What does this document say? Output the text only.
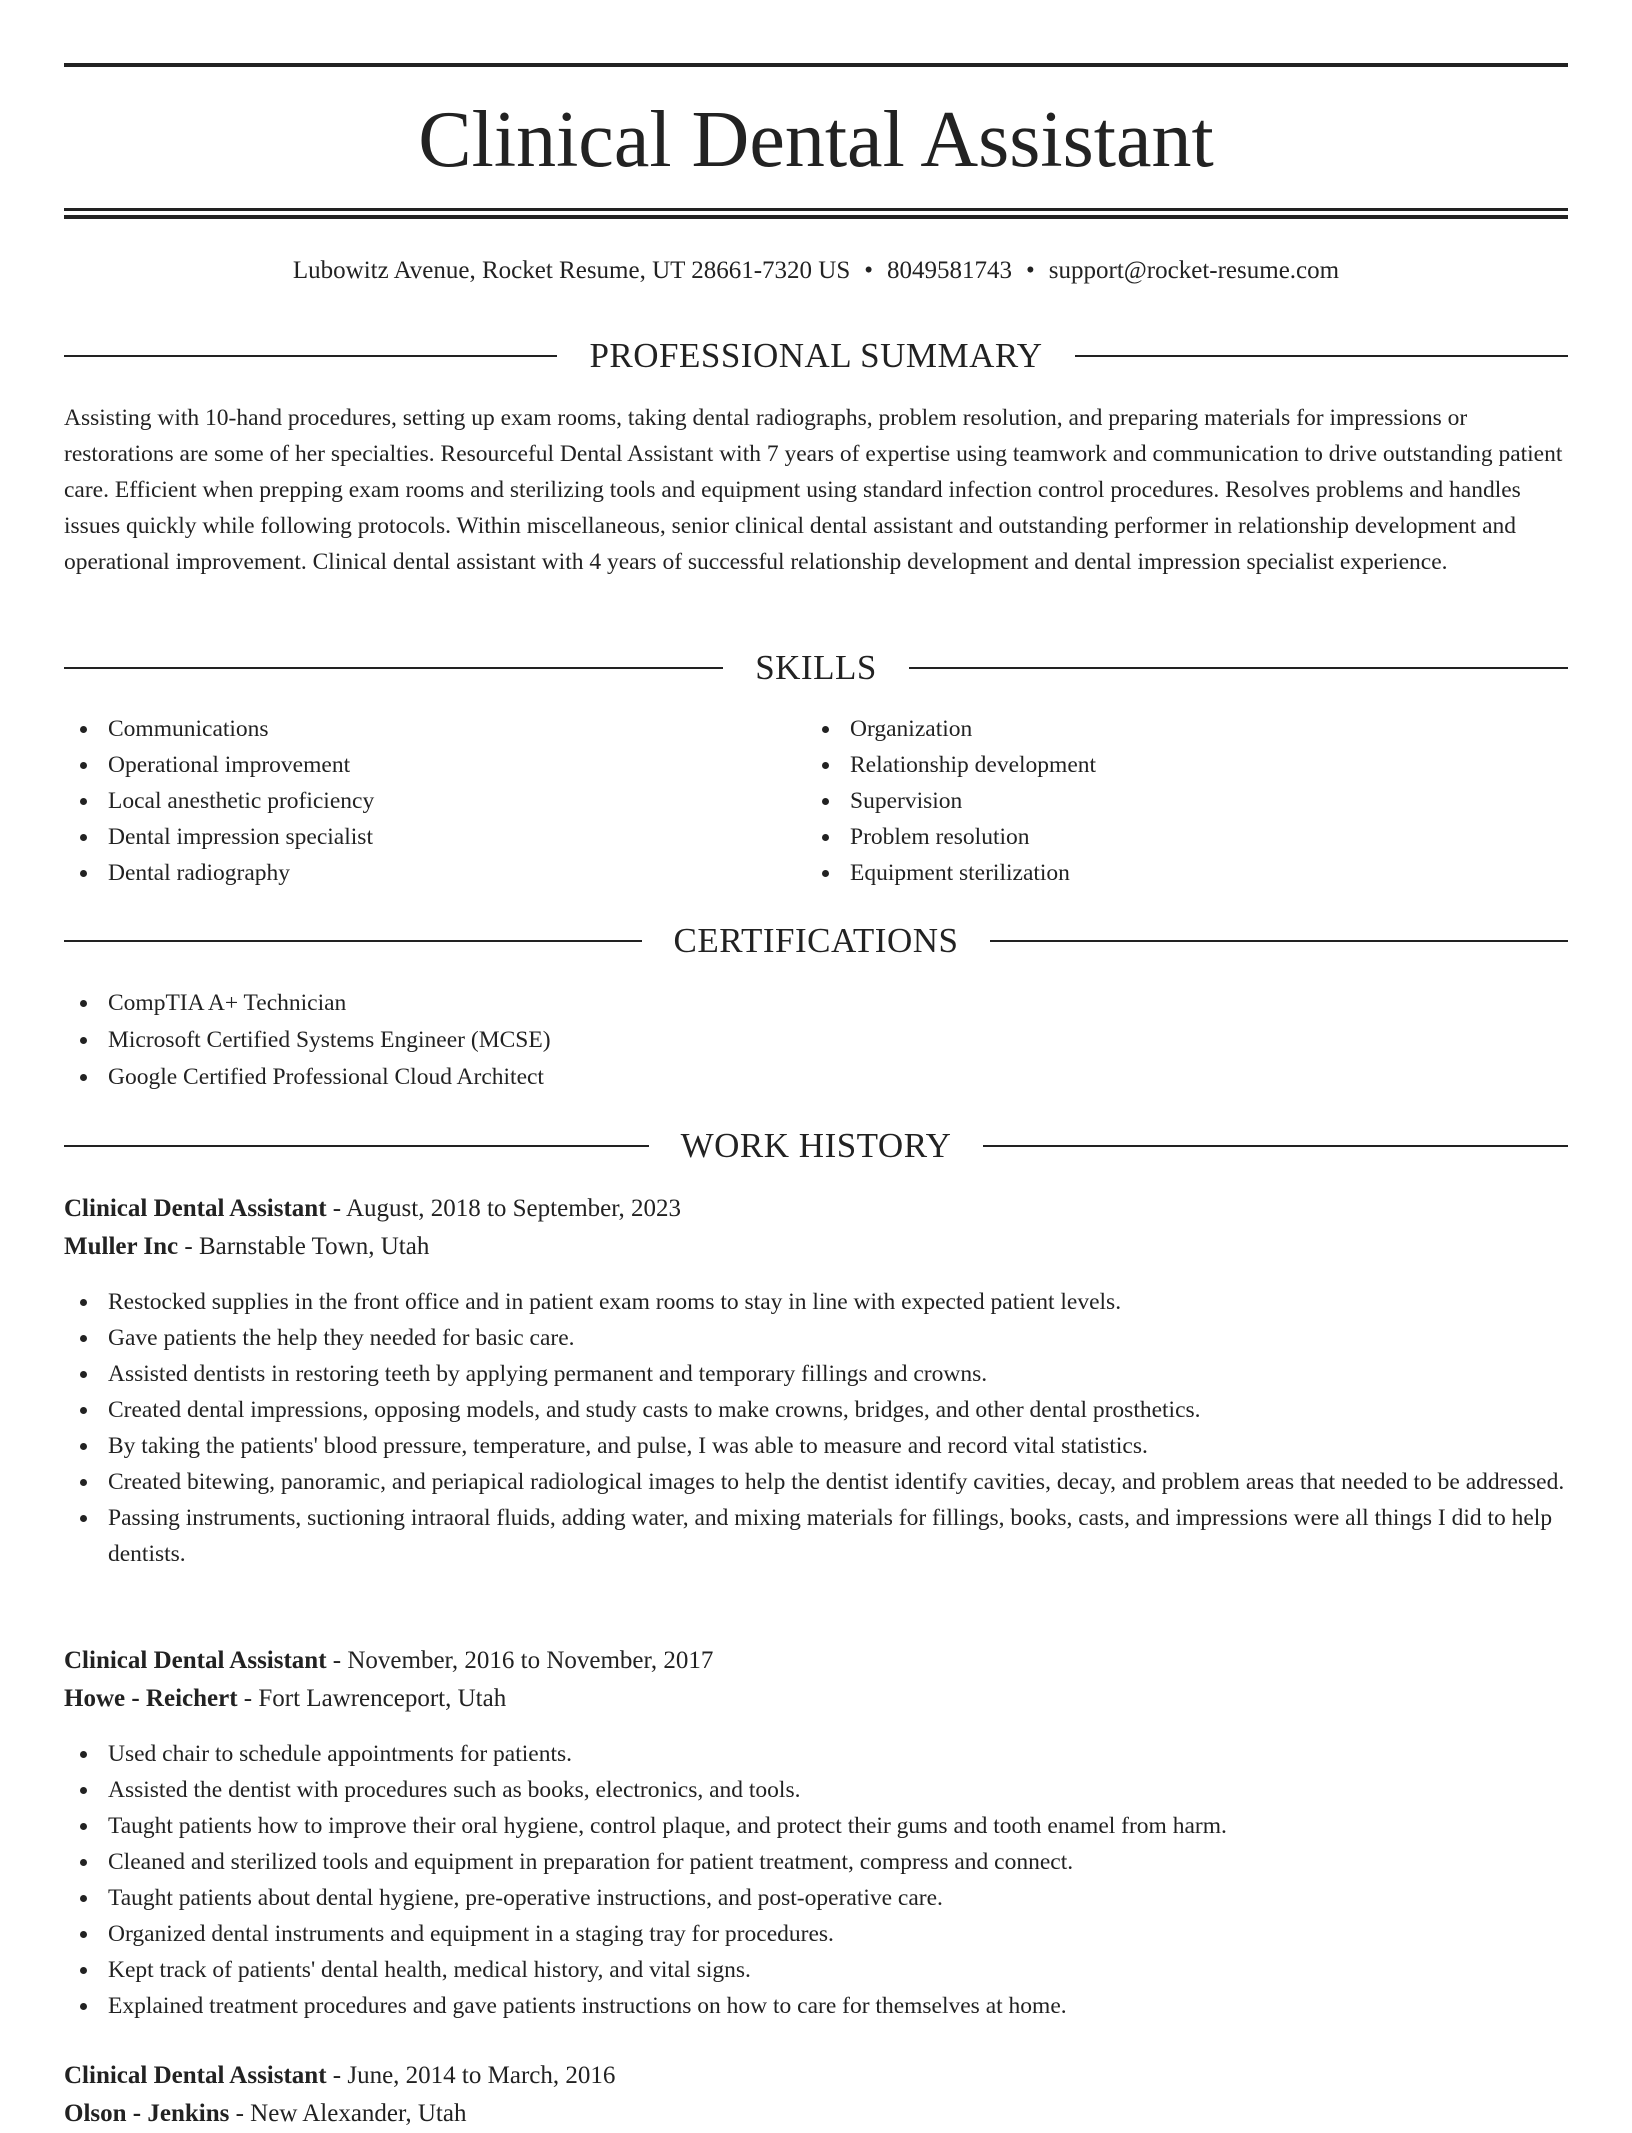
Clinical Dental Assistant
Lubowitz Avenue, Rocket Resume, UT 28661-7320 US • 8049581743 • support@rocket-resume.com
PROFESSIONAL SUMMARY

Assisting with 10-hand procedures, setting up exam rooms, taking dental radiographs, problem resolution, and preparing materials for impressions or restorations are some of her specialties. Resourceful Dental Assistant with 7 years of expertise using teamwork and communication to drive outstanding patient care. Efficient when prepping exam rooms and sterilizing tools and equipment using standard infection control procedures. Resolves problems and handles issues quickly while following protocols. Within miscellaneous, senior clinical dental assistant and outstanding performer in relationship development and operational improvement. Clinical dental assistant with 4 years of successful relationship development and dental impression specialist experience.

SKILLS
Communications
Operational improvement
Local anesthetic proficiency
Dental impression specialist
Dental radiography
Organization
Relationship development
Supervision
Problem resolution
Equipment sterilization
CERTIFICATIONS
CompTIA A+ Technician
Microsoft Certified Systems Engineer (MCSE)
Google Certified Professional Cloud Architect
WORK HISTORY
Clinical Dental Assistant - August, 2018 to September, 2023
Muller Inc - Barnstable Town, Utah
Restocked supplies in the front office and in patient exam rooms to stay in line with expected patient levels.
Gave patients the help they needed for basic care.
Assisted dentists in restoring teeth by applying permanent and temporary fillings and crowns.
Created dental impressions, opposing models, and study casts to make crowns, bridges, and other dental prosthetics.
By taking the patients' blood pressure, temperature, and pulse, I was able to measure and record vital statistics.
Created bitewing, panoramic, and periapical radiological images to help the dentist identify cavities, decay, and problem areas that needed to be addressed.
Passing instruments, suctioning intraoral fluids, adding water, and mixing materials for fillings, books, casts, and impressions were all things I did to help dentists.
Clinical Dental Assistant - November, 2016 to November, 2017
Howe - Reichert - Fort Lawrenceport, Utah
Used chair to schedule appointments for patients.
Assisted the dentist with procedures such as books, electronics, and tools.
Taught patients how to improve their oral hygiene, control plaque, and protect their gums and tooth enamel from harm.
Cleaned and sterilized tools and equipment in preparation for patient treatment, compress and connect.
Taught patients about dental hygiene, pre-operative instructions, and post-operative care.
Organized dental instruments and equipment in a staging tray for procedures.
Kept track of patients' dental health, medical history, and vital signs.
Explained treatment procedures and gave patients instructions on how to care for themselves at home.
Clinical Dental Assistant - June, 2014 to March, 2016
Olson - Jenkins - New Alexander, Utah
